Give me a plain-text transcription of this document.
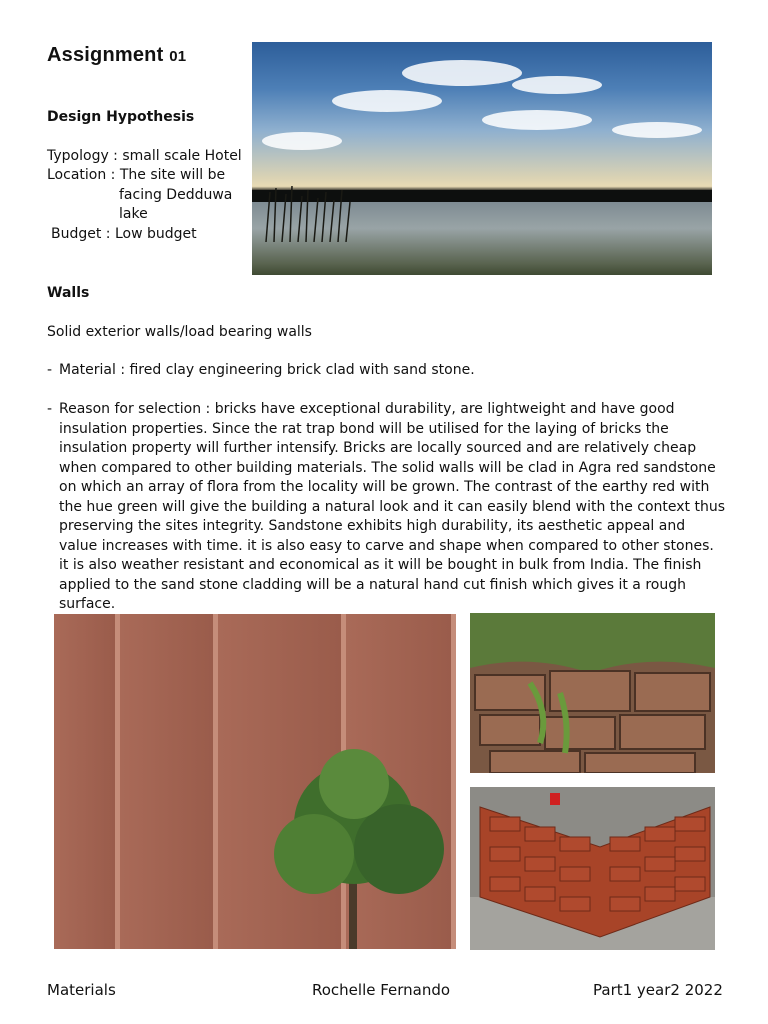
Assignment 01
Design Hypothesis
Typology : small scale Hotel
Location : The site will be
facing Dedduwa
lake
Budget : Low budget
Walls
Solid exterior walls/load bearing walls
- Material : fired clay engineering brick clad with sand stone.
- Reason for selection : bricks have exceptional durability, are lightweight and have good insulation properties. Since the rat trap bond will be utilised for the laying of bricks the insulation property will further intensify. Bricks are locally sourced and are relatively cheap when compared to other building materials. The solid walls will be clad in Agra red sandstone on which an array of flora from the locality will be grown. The contrast of the earthy red with the hue green will give the building a natural look and it can easily blend with the context thus preserving the sites integrity. Sandstone exhibits high durability, its aesthetic appeal and value increases with time. it is also easy to carve and shape when compared to other stones. it is also weather resistant and economical as it will be bought in bulk from India. The finish applied to the sand stone cladding will be a natural hand cut finish which gives it a rough surface.
Materials	Rochelle Fernando	Part1 year2 2022
